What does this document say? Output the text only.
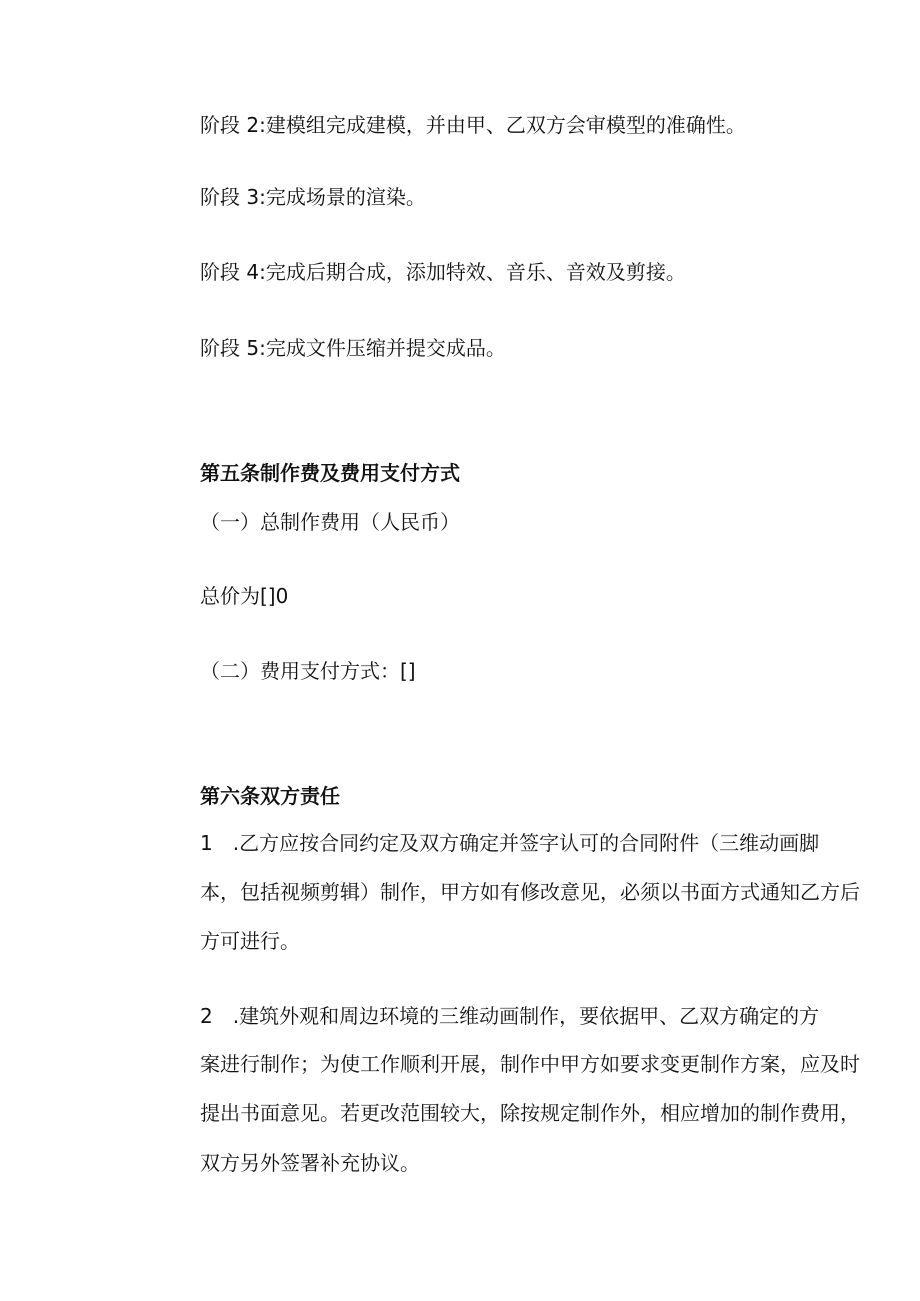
阶段 2:建模组完成建模，并由甲、乙双方会审模型的准确性。
阶段 3:完成场景的渲染。
阶段 4:完成后期合成，添加特效、音乐、音效及剪接。
阶段 5:完成文件压缩并提交成品。
第五条制作费及费用支付方式
（一）总制作费用（人民币）
总价为[]0
（二）费用支付方式：[]
第六条双方责任
1　.乙方应按合同约定及双方确定并签字认可的合同附件（三维动画脚
本，包括视频剪辑）制作，甲方如有修改意见，必须以书面方式通知乙方后
方可进行。
2　.建筑外观和周边环境的三维动画制作，要依据甲、乙双方确定的方
案进行制作；为使工作顺利开展，制作中甲方如要求变更制作方案，应及时
提出书面意见。若更改范围较大，除按规定制作外，相应增加的制作费用，
双方另外签署补充协议。
